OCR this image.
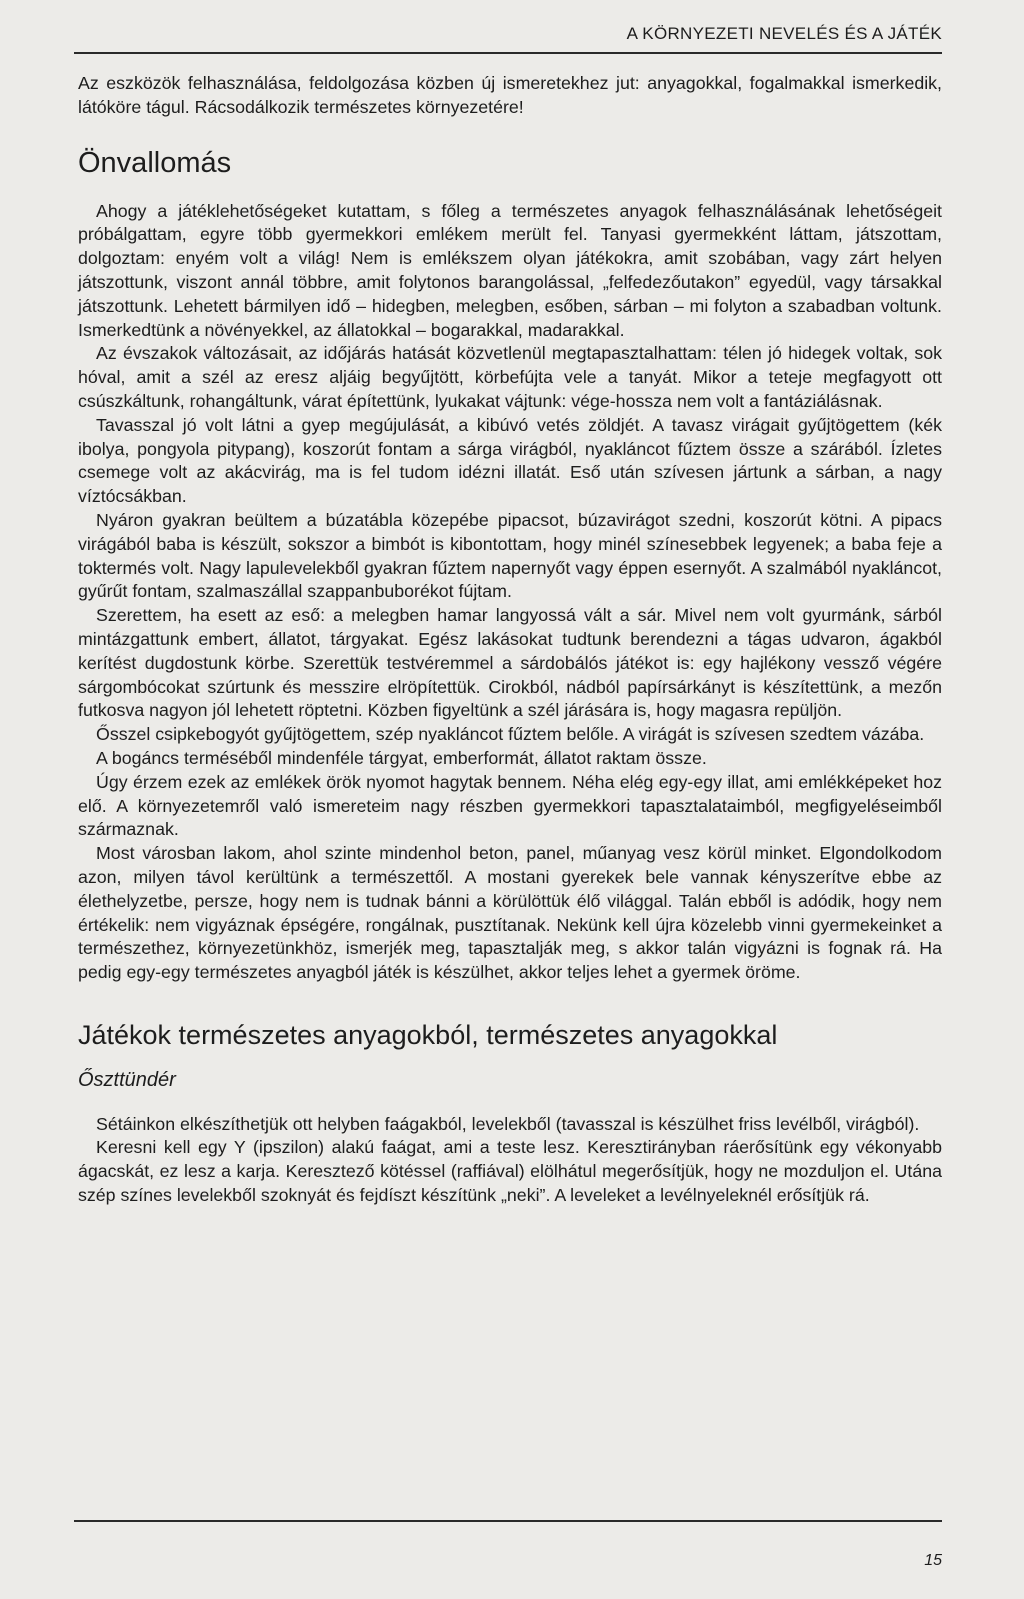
A KÖRNYEZETI NEVELÉS ÉS A JÁTÉK

Az eszközök felhasználása, feldolgozása közben új ismeretekhez jut: anyagokkal, fogalmakkal ismerkedik, látóköre tágul. Rácsodálkozik természetes környezetére!

Önvallomás

Ahogy a játéklehetőségeket kutattam, s főleg a természetes anyagok felhasználásának lehetőségeit próbálgattam, egyre több gyermekkori emlékem merült fel. Tanyasi gyermekként láttam, játszottam, dolgoztam: enyém volt a világ! Nem is emlékszem olyan játékokra, amit szobában, vagy zárt helyen játszottunk, viszont annál többre, amit folytonos barangolással, „felfedezőutakon” egyedül, vagy társakkal játszottunk. Lehetett bármilyen idő – hidegben, melegben, esőben, sárban – mi folyton a szabadban voltunk. Ismerkedtünk a növényekkel, az állatokkal – bogarakkal, madarakkal.

Az évszakok változásait, az időjárás hatását közvetlenül megtapasztalhattam: télen jó hidegek voltak, sok hóval, amit a szél az eresz aljáig begyűjtött, körbefújta vele a tanyát. Mikor a teteje megfagyott ott csúszkáltunk, rohangáltunk, várat építettünk, lyukakat vájtunk: vége-hossza nem volt a fantáziálásnak.

Tavasszal jó volt látni a gyep megújulását, a kibúvó vetés zöldjét. A tavasz virágait gyűjtögettem (kék ibolya, pongyola pitypang), koszorút fontam a sárga virágból, nyakláncot fűztem össze a szárából. Ízletes csemege volt az akácvirág, ma is fel tudom idézni illatát. Eső után szívesen jártunk a sárban, a nagy víztócsákban.

Nyáron gyakran beültem a búzatábla közepébe pipacsot, búzavirágot szedni, koszorút kötni. A pipacs virágából baba is készült, sokszor a bimbót is kibontottam, hogy minél színesebbek legyenek; a baba feje a toktermés volt. Nagy lapulevelekből gyakran fűztem napernyőt vagy éppen esernyőt. A szalmából nyakláncot, gyűrűt fontam, szalmaszállal szappanbuborékot fújtam.

Szerettem, ha esett az eső: a melegben hamar langyossá vált a sár. Mivel nem volt gyurmánk, sárból mintázgattunk embert, állatot, tárgyakat. Egész lakásokat tudtunk berendezni a tágas udvaron, ágakból kerítést dugdostunk körbe. Szerettük testvéremmel a sárdobálós játékot is: egy hajlékony vessző végére sárgombócokat szúrtunk és messzire elröpítettük. Cirokból, nádból papírsárkányt is készítettünk, a mezőn futkosva nagyon jól lehetett röptetni. Közben figyeltünk a szél járására is, hogy magasra repüljön.

Ősszel csipkebogyót gyűjtögettem, szép nyakláncot fűztem belőle. A virágát is szívesen szedtem vázába.

A bogáncs terméséből mindenféle tárgyat, emberformát, állatot raktam össze.

Úgy érzem ezek az emlékek örök nyomot hagytak bennem. Néha elég egy-egy illat, ami emlékképeket hoz elő. A környezetemről való ismereteim nagy részben gyermekkori tapasztalataimból, megfigyeléseimből származnak.

Most városban lakom, ahol szinte mindenhol beton, panel, műanyag vesz körül minket. Elgondolkodom azon, milyen távol kerültünk a természettől. A mostani gyerekek bele vannak kényszerítve ebbe az élethelyzetbe, persze, hogy nem is tudnak bánni a körülöttük élő világgal. Talán ebből is adódik, hogy nem értékelik: nem vigyáznak épségére, rongálnak, pusztítanak. Nekünk kell újra közelebb vinni gyermekeinket a természethez, környezetünkhöz, ismerjék meg, tapasztalják meg, s akkor talán vigyázni is fognak rá. Ha pedig egy-egy természetes anyagból játék is készülhet, akkor teljes lehet a gyermek öröme.

Játékok természetes anyagokból, természetes anyagokkal
Őszttündér

Sétáinkon elkészíthetjük ott helyben faágakból, levelekből (tavasszal is készülhet friss levélből, virágból).

Keresni kell egy Y (ipszilon) alakú faágat, ami a teste lesz. Keresztirányban ráerősítünk egy vékonyabb ágacskát, ez lesz a karja. Keresztező kötéssel (raffiával) elölhátul megerősítjük, hogy ne mozduljon el. Utána szép színes levelekből szoknyát és fejdíszt készítünk „neki”. A leveleket a levélnyeleknél erősítjük rá.

15
